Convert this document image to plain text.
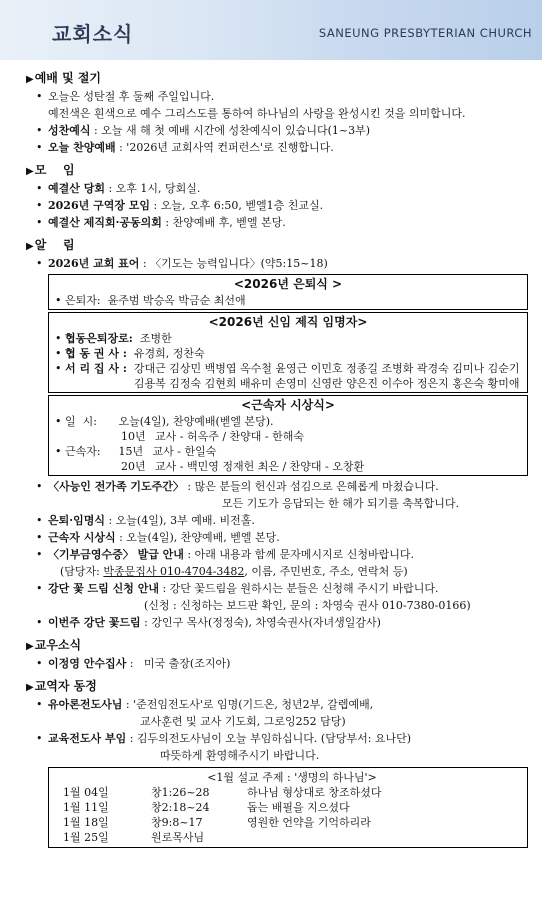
교회소식	SANEUNG PRESBYTERIAN CHURCH
▶예배 및 절기
• 오늘은 성탄절 후 둘째 주일입니다.
예전색은 흰색으로 예수 그리스도를 통하여 하나님의 사랑을 완성시킨 것을 의미합니다.
• 성찬예식 : 오늘 새 해 첫 예배 시간에 성찬예식이 있습니다(1~3부)
• 오늘 찬양예배 : '2026년 교회사역 컨퍼런스'로 진행합니다.
▶모    임
• 예결산 당회 : 오후 1시, 당회실.
• 2026년 구역장 모임 : 오늘, 오후 6:50, 벧엘1층 친교실.
• 예결산 제직회·공동의회 : 찬양예배 후, 벧엘 본당.
▶알    림
• 2026년 교회 표어 : 〈기도는 능력입니다〉(약5:15~18)
<2026년 은퇴식 >
• 은퇴자:
윤주범 박승옥 박금순 최선애
<2026년 신임 제직 임명자>
• 협동은퇴장로:
조병한
• 협 동 권 사 :
유경희, 정찬숙
• 서 리 집 사 :
강대근 김상민 백병엽 옥수철 윤영근 이민호 정종길 조병화 곽경숙 김미나 김순기 김용복 김정숙 김현희 배유미 손영미 신영란 양은진 이수아 정은지 홍은숙 황미애
<근속자 시상식>
• 일  시:
	오늘(4일), 찬양예배(벧엘 본당).
10년 교사 - 허옥주 / 찬양대 - 한해숙
• 근속자:
	15년 교사 - 한일숙
20년 교사 - 백민영 정재헌 최은 / 찬양대 - 오창환
• 〈사능인 전가족 기도주간〉 : 많은 분들의 헌신과 섬김으로 은혜롭게 마쳤습니다.
모든 기도가 응답되는 한 해가 되기를 축복합니다.
• 은퇴·임명식 : 오늘(4일), 3부 예배. 비전홀.
• 근속자 시상식 : 오늘(4일), 찬양예배, 벧엘 본당.
• 〈기부금영수증〉 발급 안내 : 아래 내용과 함께 문자메시지로 신청바랍니다.
(담당자: 박종문집사 010-4704-3482, 이름, 주민번호, 주소, 연락처 등)
• 강단 꽃 드림 신청 안내 : 강단 꽃드림을 원하시는 분들은 신청해 주시기 바랍니다.
(신청 : 신청하는 보드판 확인, 문의 : 차영숙 권사 010-7380-0166)
• 이번주 강단 꽃드림 : 강인구 목사(정정숙), 차영숙권사(자녀생일감사)
▶교우소식
• 이정영 안수집사 :   미국 출장(조지아)
▶교역자 동정
• 유아론전도사님 : '준전임전도사'로 임명(기드온, 청년2부, 갈렙예배,
교사훈련 및 교사 기도회, 그로잉252 담당)
• 교육전도사 부임 : 김두의전도사님이 오늘 부임하십니다. (담당부서: 요나단)
따뜻하게 환영해주시기 바랍니다.
<1월 설교 주제 : '생명의 하나님'>
1월 04일	창1:26~28	하나님 형상대로 창조하셨다
1월 11일	창2:18~24	돕는 배필을 지으셨다
1월 18일	창9:8~17	영원한 언약을 기억하리라
1월 25일	원로목사님
